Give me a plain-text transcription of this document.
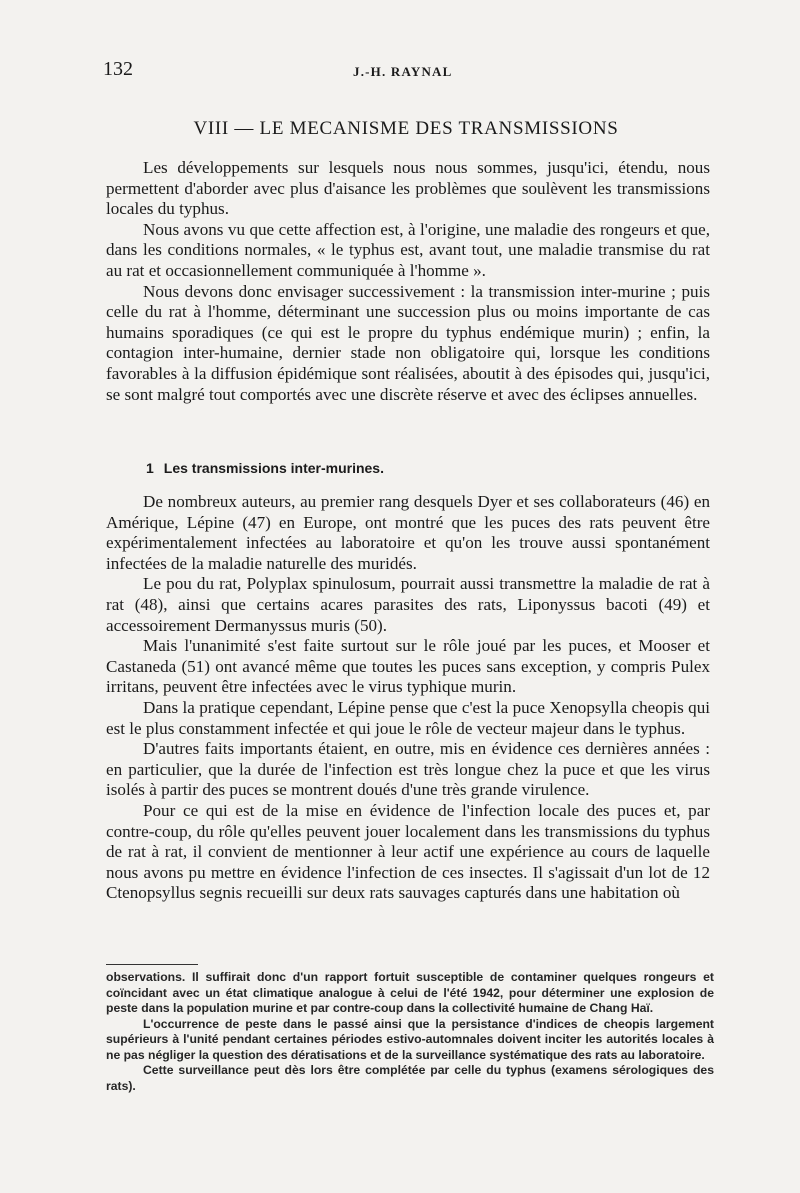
132	J.-H. RAYNAL
VIII — LE MECANISME DES TRANSMISSIONS

Les développements sur lesquels nous nous sommes, jusqu'ici, étendu, nous permettent d'aborder avec plus d'aisance les problèmes que soulèvent les transmissions locales du typhus.

Nous avons vu que cette affection est, à l'origine, une maladie des rongeurs et que, dans les conditions normales, « le typhus est, avant tout, une maladie transmise du rat au rat et occasionnellement communiquée à l'homme ».

Nous devons donc envisager successivement : la transmission inter-murine ; puis celle du rat à l'homme, déterminant une succession plus ou moins importante de cas humains sporadiques (ce qui est le propre du typhus endémique murin) ; enfin, la contagion inter-humaine, dernier stade non obligatoire qui, lorsque les conditions favorables à la diffusion épidémique sont réalisées, aboutit à des épisodes qui, jusqu'ici, se sont malgré tout comportés avec une discrète réserve et avec des éclipses annuelles.

1 Les transmissions inter-murines.

De nombreux auteurs, au premier rang desquels Dyer et ses collaborateurs (46) en Amérique, Lépine (47) en Europe, ont montré que les puces des rats peuvent être expérimentalement infectées au laboratoire et qu'on les trouve aussi spontanément infectées de la maladie naturelle des muridés.

Le pou du rat, Polyplax spinulosum, pourrait aussi transmettre la maladie de rat à rat (48), ainsi que certains acares parasites des rats, Liponyssus bacoti (49) et accessoirement Dermanyssus muris (50).

Mais l'unanimité s'est faite surtout sur le rôle joué par les puces, et Mooser et Castaneda (51) ont avancé même que toutes les puces sans exception, y compris Pulex irritans, peuvent être infectées avec le virus typhique murin.

Dans la pratique cependant, Lépine pense que c'est la puce Xenopsylla cheopis qui est le plus constamment infectée et qui joue le rôle de vecteur majeur dans le typhus.

D'autres faits importants étaient, en outre, mis en évidence ces dernières années : en particulier, que la durée de l'infection est très longue chez la puce et que les virus isolés à partir des puces se montrent doués d'une très grande virulence.

Pour ce qui est de la mise en évidence de l'infection locale des puces et, par contre-coup, du rôle qu'elles peuvent jouer localement dans les transmissions du typhus de rat à rat, il convient de mentionner à leur actif une expérience au cours de laquelle nous avons pu mettre en évidence l'infection de ces insectes. Il s'agissait d'un lot de 12 Ctenopsyllus segnis recueilli sur deux rats sauvages capturés dans une habitation où

observations. Il suffirait donc d'un rapport fortuit susceptible de contaminer quelques rongeurs et coïncidant avec un état climatique analogue à celui de l'été 1942, pour déterminer une explosion de peste dans la population murine et par contre-coup dans la collectivité humaine de Chang Haï.

L'occurrence de peste dans le passé ainsi que la persistance d'indices de cheopis largement supérieurs à l'unité pendant certaines périodes estivo-automnales doivent inciter les autorités locales à ne pas négliger la question des dératisations et de la surveillance systématique des rats au laboratoire.

Cette surveillance peut dès lors être complétée par celle du typhus (examens sérologiques des rats).
